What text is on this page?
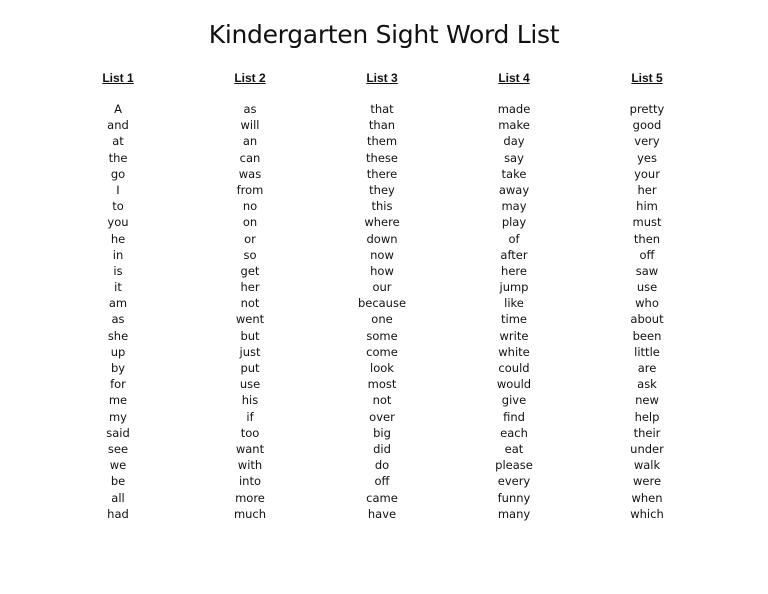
Kindergarten Sight Word List
List 1
A
and
at
the
go
I
to
you
he
in
is
it
am
as
she
up
by
for
me
my
said
see
we
be
all
had
List 2
as
will
an
can
was
from
no
on
or
so
get
her
not
went
but
just
put
use
his
if
too
want
with
into
more
much
List 3
that
than
them
these
there
they
this
where
down
now
how
our
because
one
some
come
look
most
not
over
big
did
do
off
came
have
List 4
made
make
day
say
take
away
may
play
of
after
here
jump
like
time
write
white
could
would
give
find
each
eat
please
every
funny
many
List 5
pretty
good
very
yes
your
her
him
must
then
off
saw
use
who
about
been
little
are
ask
new
help
their
under
walk
were
when
which
